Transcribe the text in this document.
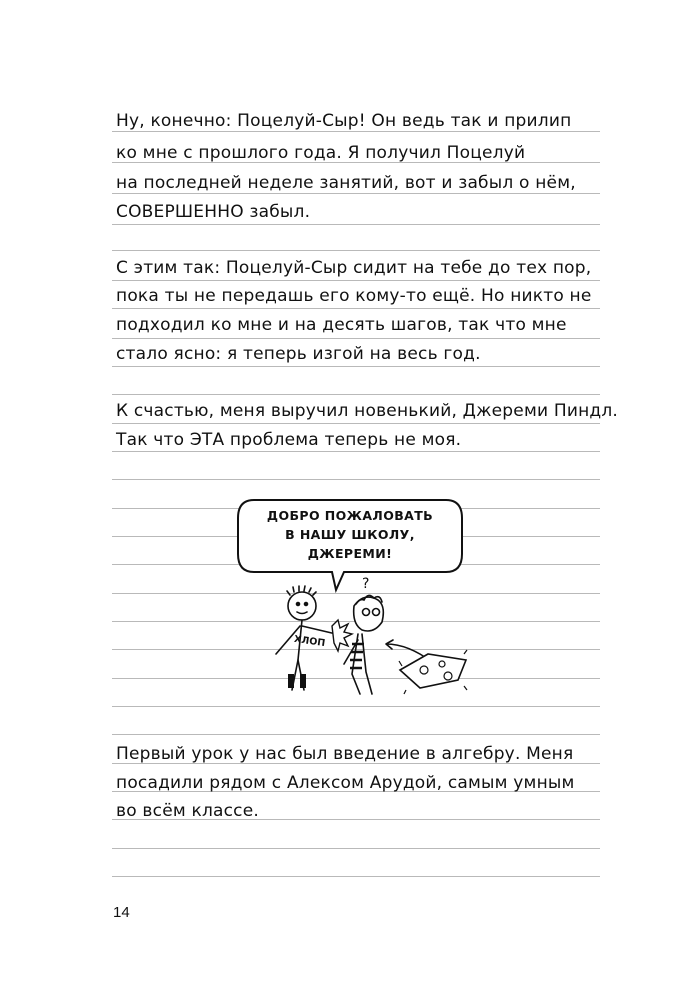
Ну, конечно: Поцелуй-Сыр! Он ведь так и прилип
ко мне с прошлого года. Я получил Поцелуй
на последней неделе занятий, вот и забыл о нём,
СОВЕРШЕННО забыл.
С этим так: Поцелуй-Сыр сидит на тебе до тех пор,
пока ты не передашь его кому-то ещё. Но никто не
подходил ко мне и на десять шагов, так что мне
стало ясно: я теперь изгой на весь год.
К счастью, меня выручил новенький, Джереми Пиндл.
Так что ЭТА проблема теперь не моя.
ДОБРО ПОЖАЛОВАТЬ
В НАШУ ШКОЛУ,
ДЖЕРЕМИ!
ХЛОП
?
Первый урок у нас был введение в алгебру. Меня
посадили рядом с Алексом Арудой, самым умным
во всём классе.
14
